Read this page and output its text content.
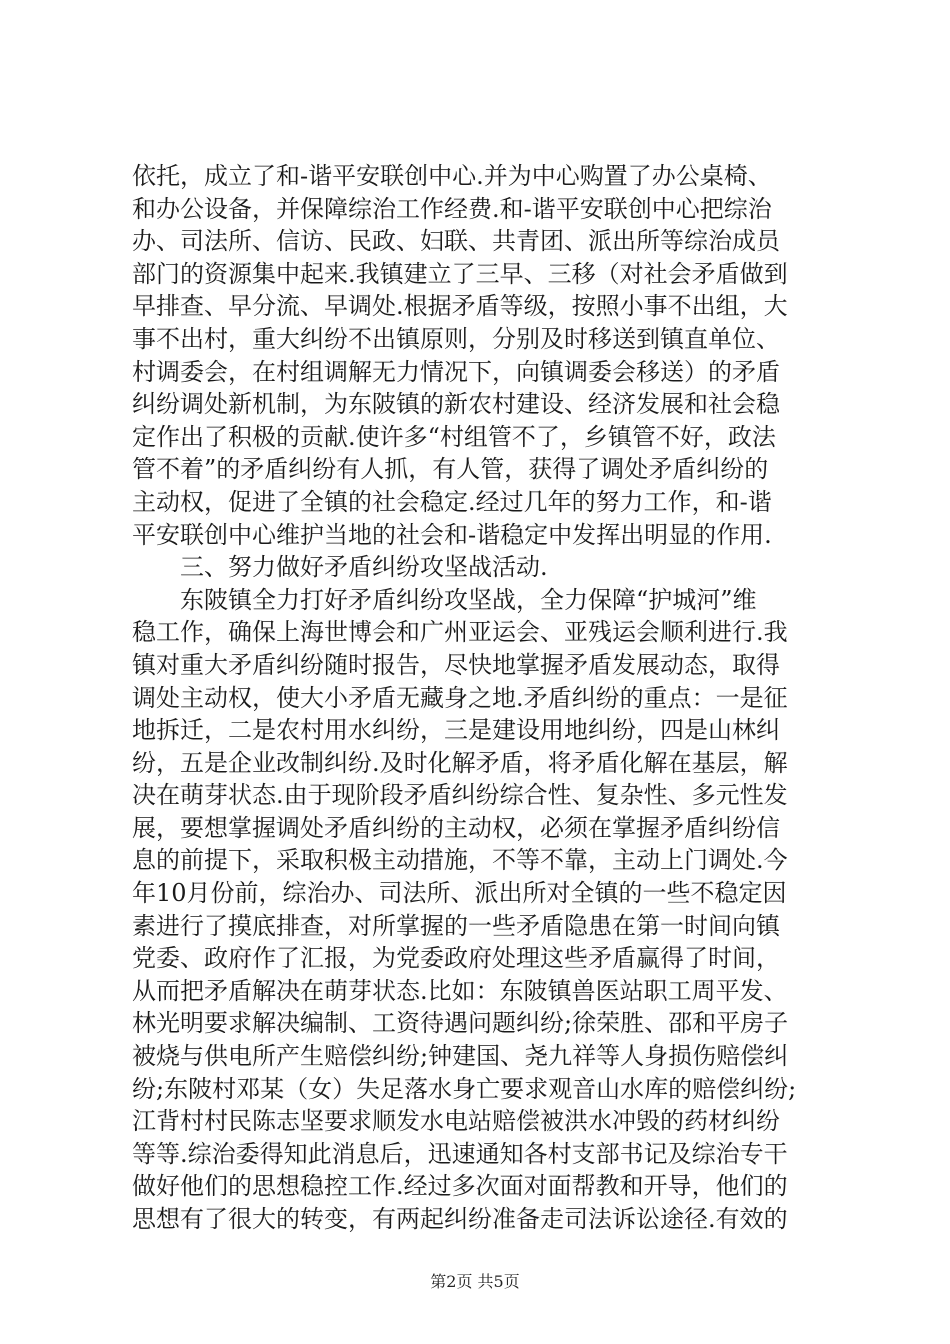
依托，成立了和-谐平安联创中心.并为中心购置了办公桌椅、
和办公设备，并保障综治工作经费.和-谐平安联创中心把综治
办、司法所、信访、民政、妇联、共青团、派出所等综治成员
部门的资源集中起来.我镇建立了三早、三移（对社会矛盾做到
早排查、早分流、早调处.根据矛盾等级，按照小事不出组，大
事不出村，重大纠纷不出镇原则，分别及时移送到镇直单位、
村调委会，在村组调解无力情况下，向镇调委会移送）的矛盾
纠纷调处新机制，为东陂镇的新农村建设、经济发展和社会稳
定作出了积极的贡献.使许多“村组管不了，乡镇管不好，政法
管不着”的矛盾纠纷有人抓，有人管，获得了调处矛盾纠纷的
主动权，促进了全镇的社会稳定.经过几年的努力工作，和-谐
平安联创中心维护当地的社会和-谐稳定中发挥出明显的作用.
　　三、努力做好矛盾纠纷攻坚战活动.
　　东陂镇全力打好矛盾纠纷攻坚战，全力保障“护城河”维
稳工作，确保上海世博会和广州亚运会、亚残运会顺利进行.我
镇对重大矛盾纠纷随时报告，尽快地掌握矛盾发展动态，取得
调处主动权，使大小矛盾无藏身之地.矛盾纠纷的重点：一是征
地拆迁，二是农村用水纠纷，三是建设用地纠纷，四是山林纠
纷，五是企业改制纠纷.及时化解矛盾，将矛盾化解在基层，解
决在萌芽状态.由于现阶段矛盾纠纷综合性、复杂性、多元性发
展，要想掌握调处矛盾纠纷的主动权，必须在掌握矛盾纠纷信
息的前提下，采取积极主动措施，不等不靠，主动上门调处.今
年10月份前，综治办、司法所、派出所对全镇的一些不稳定因
素进行了摸底排查，对所掌握的一些矛盾隐患在第一时间向镇
党委、政府作了汇报，为党委政府处理这些矛盾赢得了时间，
从而把矛盾解决在萌芽状态.比如：东陂镇兽医站职工周平发、
林光明要求解决编制、工资待遇问题纠纷;徐荣胜、邵和平房子
被烧与供电所产生赔偿纠纷;钟建国、尧九祥等人身损伤赔偿纠
纷;东陂村邓某（女）失足落水身亡要求观音山水库的赔偿纠纷;
江背村村民陈志坚要求顺发水电站赔偿被洪水冲毁的药材纠纷
等等.综治委得知此消息后，迅速通知各村支部书记及综治专干
做好他们的思想稳控工作.经过多次面对面帮教和开导，他们的
思想有了很大的转变，有两起纠纷准备走司法诉讼途径.有效的
第2页 共5页
